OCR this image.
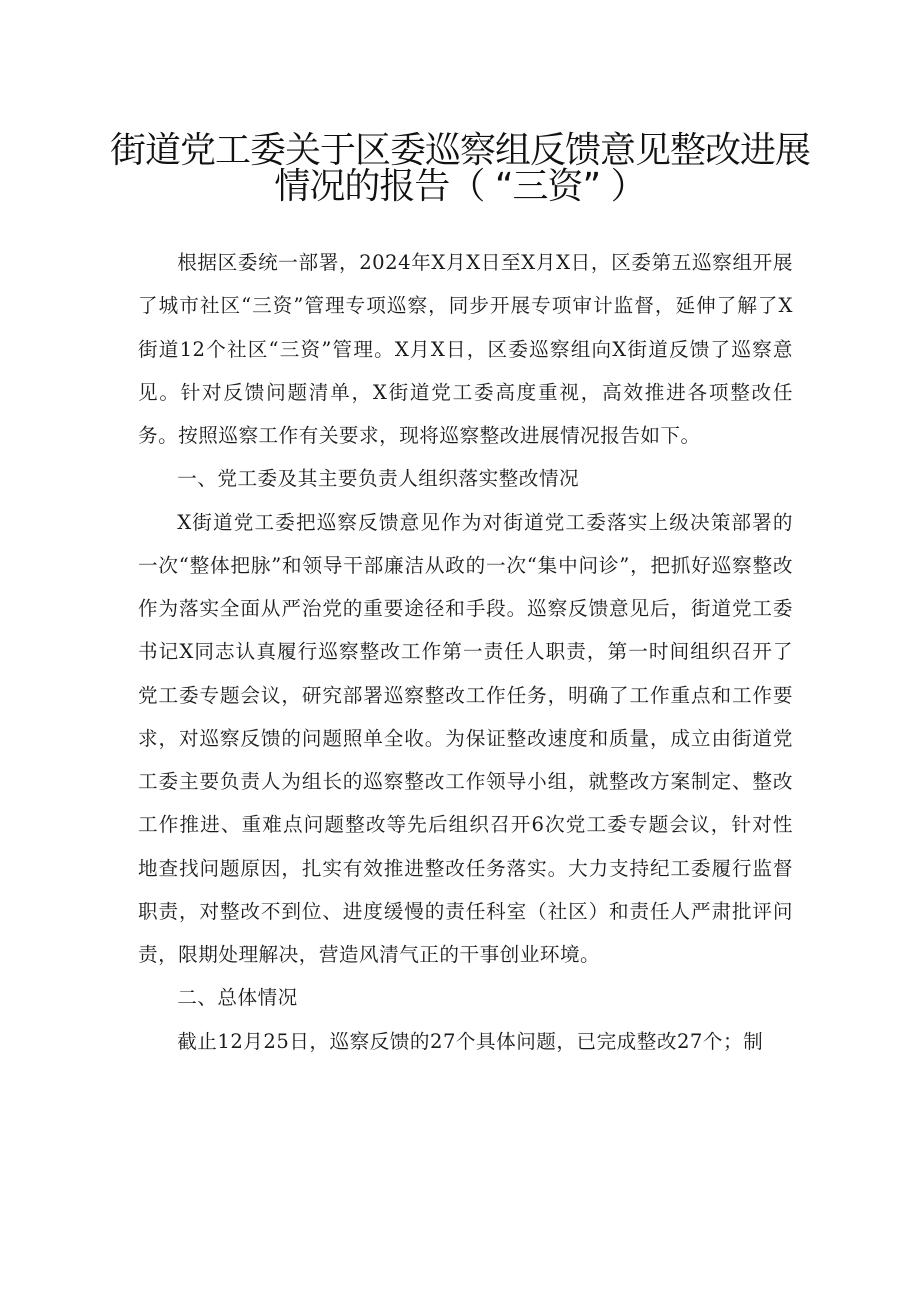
街道党工委关于区委巡察组反馈意见整改进展
情况的报告（ “三资” ）

根据区委统一部署，2024年X月X日至X月X日，区委第五巡察组开展了城市社区“三资”管理专项巡察，同步开展专项审计监督，延伸了解了X街道12个社区“三资”管理。X月X日，区委巡察组向X街道反馈了巡察意见。针对反馈问题清单，X街道党工委高度重视，高效推进各项整改任务。按照巡察工作有关要求，现将巡察整改进展情况报告如下。

一、党工委及其主要负责人组织落实整改情况

X街道党工委把巡察反馈意见作为对街道党工委落实上级决策部署的一次“整体把脉”和领导干部廉洁从政的一次“集中问诊”，把抓好巡察整改作为落实全面从严治党的重要途径和手段。巡察反馈意见后，街道党工委书记X同志认真履行巡察整改工作第一责任人职责，第一时间组织召开了党工委专题会议，研究部署巡察整改工作任务，明确了工作重点和工作要求，对巡察反馈的问题照单全收。为保证整改速度和质量，成立由街道党工委主要负责人为组长的巡察整改工作领导小组，就整改方案制定、整改工作推进、重难点问题整改等先后组织召开6次党工委专题会议，针对性地查找问题原因，扎实有效推进整改任务落实。大力支持纪工委履行监督职责，对整改不到位、进度缓慢的责任科室（社区）和责任人严肃批评问责，限期处理解决，营造风清气正的干事创业环境。

二、总体情况

截止12月25日，巡察反馈的27个具体问题，已完成整改27个；制
